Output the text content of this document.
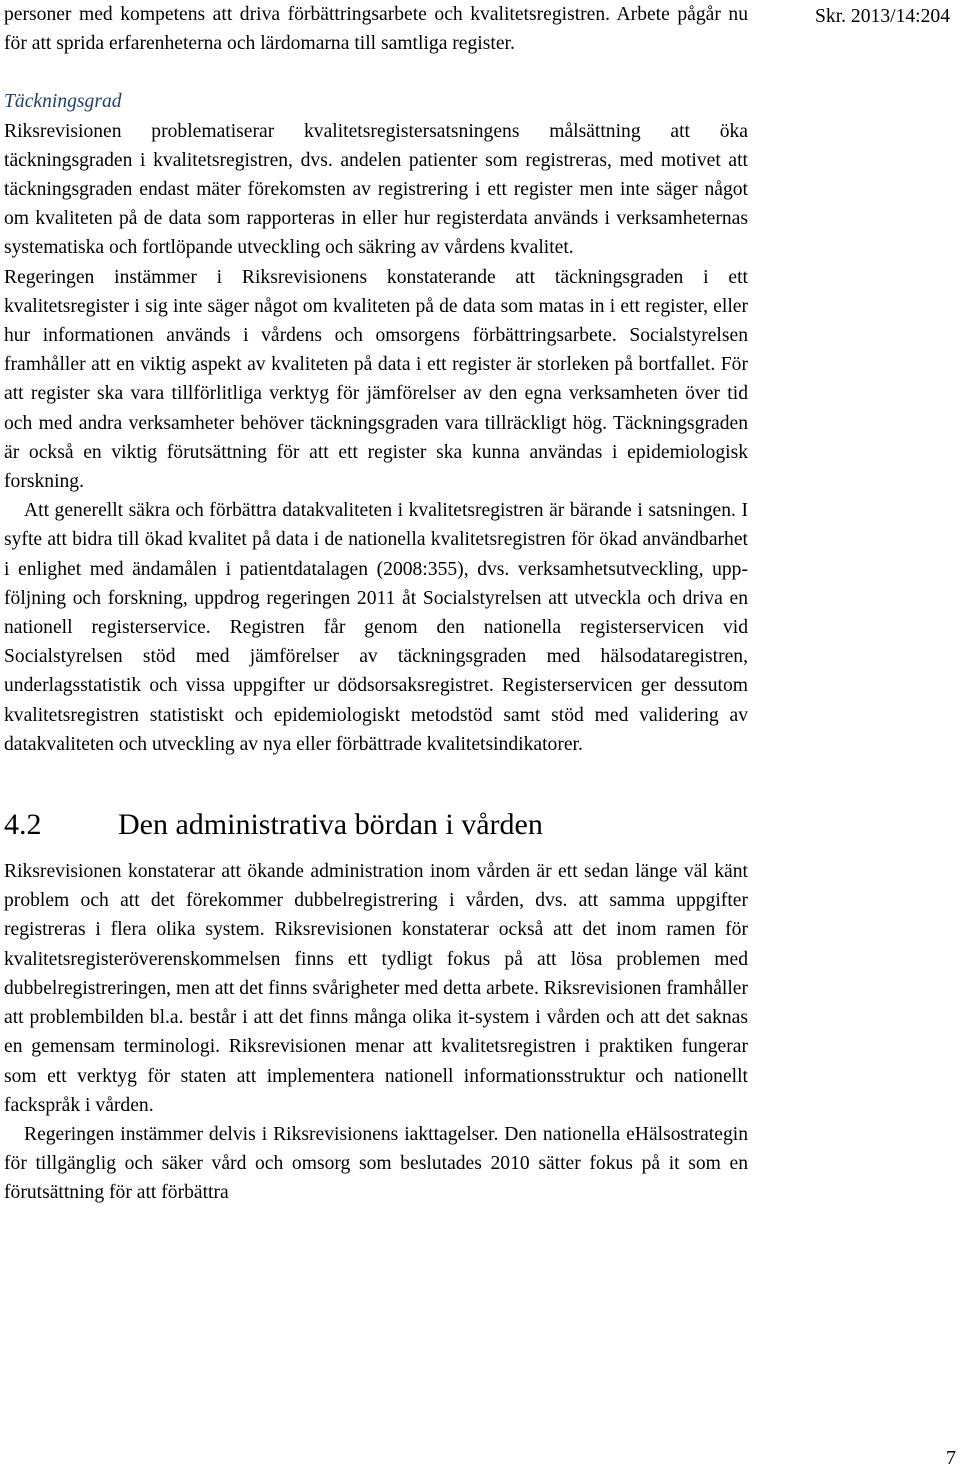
Skr. 2013/14:204

personer med kompetens att driva förbättringsarbete och kvalitetsregistren. Arbete pågår nu för att sprida erfarenheterna och lärdomarna till samtliga register.

Täckningsgrad

Riksrevisionen problematiserar kvalitetsregistersatsningens målsättning att öka täckningsgraden i kvalitetsregistren, dvs. andelen patienter som registreras, med motivet att täckningsgraden endast mäter förekomsten av registrering i ett register men inte säger något om kvaliteten på de data som rapporteras in eller hur registerdata används i verksamheternas systematiska och fortlöpande utveckling och säkring av vårdens kvalitet.

Regeringen instämmer i Riksrevisionens konstaterande att täckningsgraden i ett kvalitetsregister i sig inte säger något om kvaliteten på de data som matas in i ett register, eller hur informationen används i vårdens och omsorgens förbättringsarbete. Socialstyrelsen framhåller att en viktig aspekt av kvaliteten på data i ett register är storleken på bortfallet. För att register ska vara tillförlitliga verktyg för jämförelser av den egna verksamheten över tid och med andra verksamheter behöver täckningsgraden vara tillräckligt hög. Täckningsgraden är också en viktig förutsättning för att ett register ska kunna användas i epidemiologisk forskning.

Att generellt säkra och förbättra datakvaliteten i kvalitetsregistren är bärande i satsningen. I syfte att bidra till ökad kvalitet på data i de nationella kvalitetsregistren för ökad användbarhet i enlighet med ändamålen i patientdatalagen (2008:355), dvs. verksamhetsutveckling, uppföljning och forskning, uppdrog regeringen 2011 åt Socialstyrelsen att utveckla och driva en nationell registerservice. Registren får genom den nationella registerservicen vid Socialstyrelsen stöd med jämförelser av täckningsgraden med hälsodataregistren, underlagsstatistik och vissa uppgifter ur dödsorsaksregistret. Registerservicen ger dessutom kvalitetsregistren statistiskt och epidemiologiskt metodstöd samt stöd med validering av datakvaliteten och utveckling av nya eller förbättrade kvalitetsindikatorer.

4.2	Den administrativa bördan i vården

Riksrevisionen konstaterar att ökande administration inom vården är ett sedan länge väl känt problem och att det förekommer dubbelregistrering i vården, dvs. att samma uppgifter registreras i flera olika system. Riksrevisionen konstaterar också att det inom ramen för kvalitetsregisteröverenskommelsen finns ett tydligt fokus på att lösa problemen med dubbelregistreringen, men att det finns svårigheter med detta arbete. Riksrevisionen framhåller att problembilden bl.a. består i att det finns många olika it-system i vården och att det saknas en gemensam terminologi. Riksrevisionen menar att kvalitetsregistren i praktiken fungerar som ett verktyg för staten att implementera nationell informationsstruktur och nationellt fackspråk i vården.

Regeringen instämmer delvis i Riksrevisionens iakttagelser. Den nationella eHälsostrategin för tillgänglig och säker vård och omsorg som beslutades 2010 sätter fokus på it som en förutsättning för att förbättra

7
